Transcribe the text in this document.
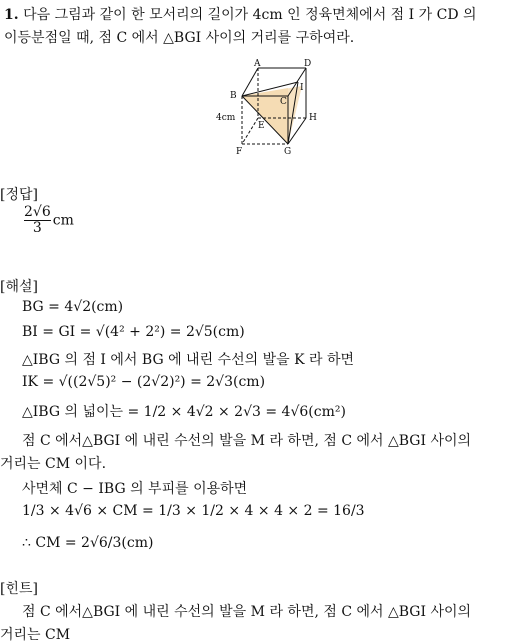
1. 다음 그림과 같이 한 모서리의 길이가 4cm 인 정육면체에서 점 I 가 CD 의
이등분점일 때, 점 C 에서 △BGI 사이의 거리를 구하여라.
A	D
B
I
C
E
H
F	G
4cm
[정답]
$\frac{2√6}{3}$ cm
[해설]
BG = 4√2(cm)
BI = GI = √(4² + 2²) = 2√5(cm)
△IBG 의 점 I 에서 BG 에 내린 수선의 발을 K 라 하면
IK = √((2√5)² − (2√2)²) = 2√3(cm)
△IBG 의 넓이는 = 1/2 × 4√2 × 2√3 = 4√6(cm²)
점 C 에서△BGI 에 내린 수선의 발을 M 라 하면, 점 C 에서 △BGI 사이의
거리는 CM 이다.
사면체 C − IBG 의 부피를 이용하면
1/3 × 4√6 × CM = 1/3 × 1/2 × 4 × 4 × 2 = 16/3
∴ CM = 2√6/3(cm)
[힌트]
점 C 에서△BGI 에 내린 수선의 발을 M 라 하면, 점 C 에서 △BGI 사이의
거리는 CM
